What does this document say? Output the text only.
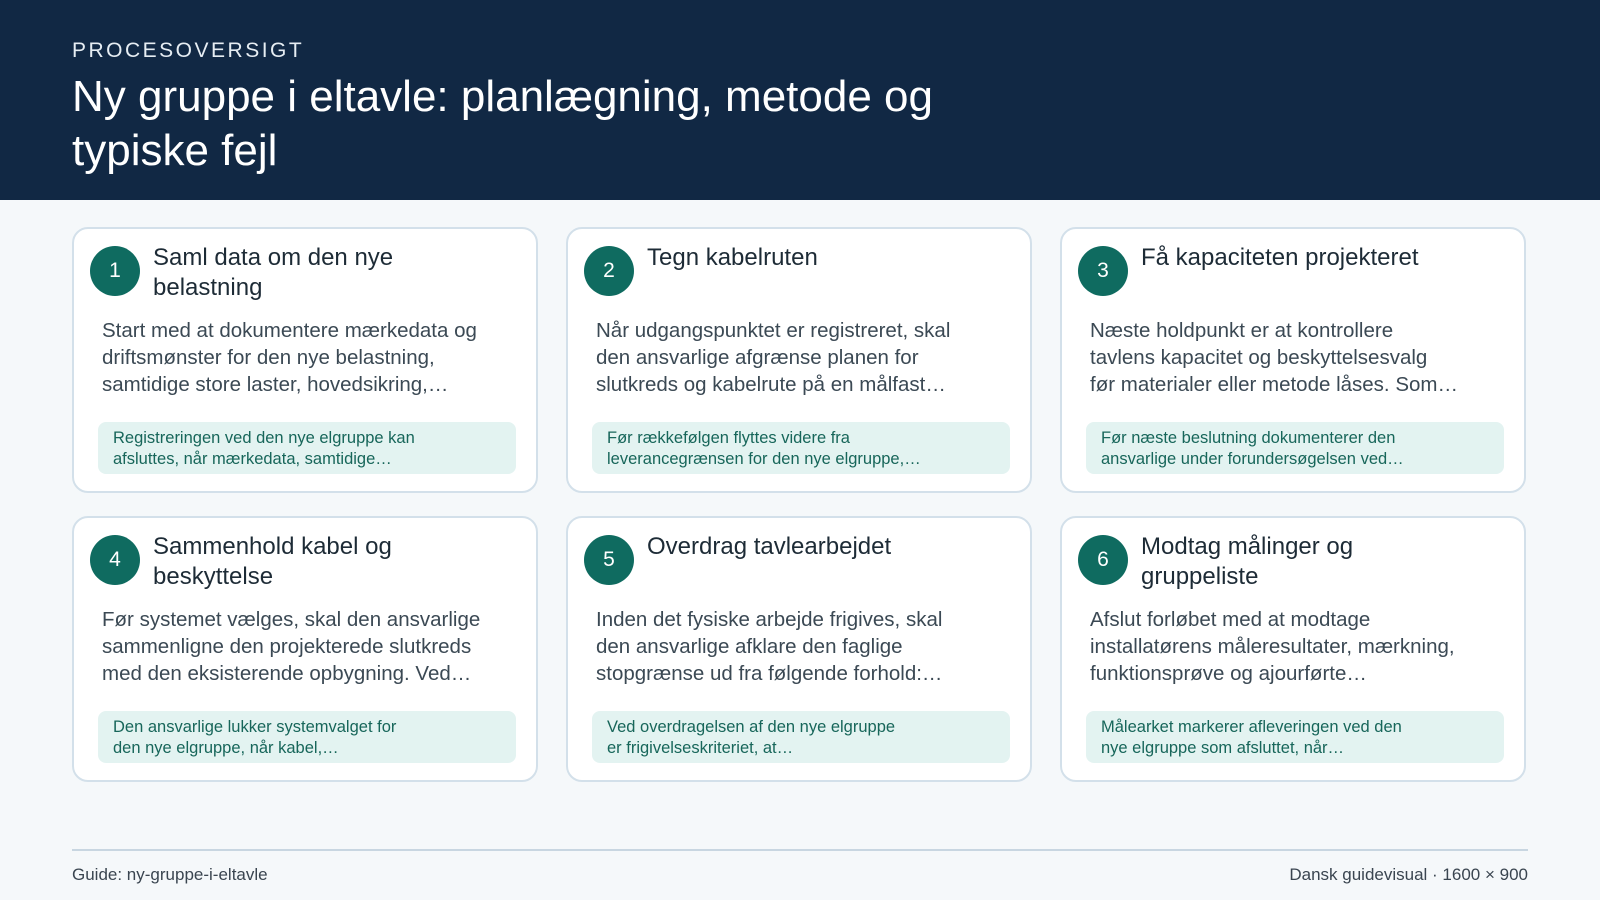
PROCESOVERSIGT
Ny gruppe i eltavle: planlægning, metode og typiske fejl
1	Saml data om den nye belastning
Start med at dokumentere mærkedata og
driftsmønster for den nye belastning,
samtidige store laster, hovedsikring,…
Registreringen ved den nye elgruppe kan
afsluttes, når mærkedata, samtidige…
2	Tegn kabelruten
Når udgangspunktet er registreret, skal
den ansvarlige afgrænse planen for
slutkreds og kabelrute på en målfast…
Før rækkefølgen flyttes videre fra
leverancegrænsen for den nye elgruppe,…
3	Få kapaciteten projekteret
Næste holdpunkt er at kontrollere
tavlens kapacitet og beskyttelsesvalg
før materialer eller metode låses. Som…
Før næste beslutning dokumenterer den
ansvarlige under forundersøgelsen ved…
4	Sammenhold kabel og beskyttelse
Før systemet vælges, skal den ansvarlige
sammenligne den projekterede slutkreds
med den eksisterende opbygning. Ved…
Den ansvarlige lukker systemvalget for
den nye elgruppe, når kabel,…
5	Overdrag tavlearbejdet
Inden det fysiske arbejde frigives, skal
den ansvarlige afklare den faglige
stopgrænse ud fra følgende forhold:…
Ved overdragelsen af den nye elgruppe
er frigivelseskriteriet, at…
6	Modtag målinger og gruppeliste
Afslut forløbet med at modtage
installatørens måleresultater, mærkning,
funktionsprøve og ajourførte…
Målearket markerer afleveringen ved den
nye elgruppe som afsluttet, når…
Guide: ny-gruppe-i-eltavle	Dansk guidevisual · 1600 × 900
